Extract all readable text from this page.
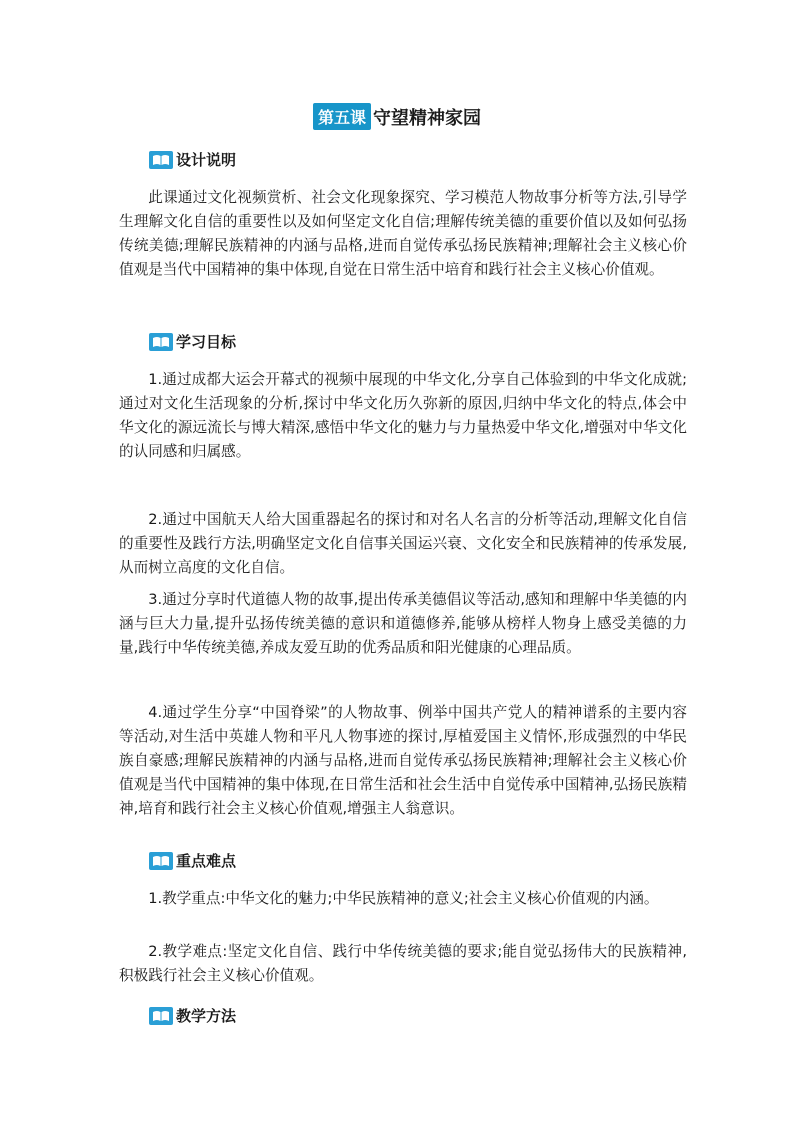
第五课 守望精神家园
设计说明

此课通过文化视频赏析、社会文化现象探究、学习模范人物故事分析等方法,引导学生理解文化自信的重要性以及如何坚定文化自信;理解传统美德的重要价值以及如何弘扬传统美德;理解民族精神的内涵与品格,进而自觉传承弘扬民族精神;理解社会主义核心价值观是当代中国精神的集中体现,自觉在日常生活中培育和践行社会主义核心价值观。

学习目标

1.通过成都大运会开幕式的视频中展现的中华文化,分享自己体验到的中华文化成就;通过对文化生活现象的分析,探讨中华文化历久弥新的原因,归纳中华文化的特点,体会中华文化的源远流长与博大精深,感悟中华文化的魅力与力量热爱中华文化,增强对中华文化的认同感和归属感。

2.通过中国航天人给大国重器起名的探讨和对名人名言的分析等活动,理解文化自信的重要性及践行方法,明确坚定文化自信事关国运兴衰、文化安全和民族精神的传承发展,从而树立高度的文化自信。

3.通过分享时代道德人物的故事,提出传承美德倡议等活动,感知和理解中华美德的内涵与巨大力量,提升弘扬传统美德的意识和道德修养,能够从榜样人物身上感受美德的力量,践行中华传统美德,养成友爱互助的优秀品质和阳光健康的心理品质。

4.通过学生分享“中国脊梁”的人物故事、例举中国共产党人的精神谱系的主要内容等活动,对生活中英雄人物和平凡人物事迹的探讨,厚植爱国主义情怀,形成强烈的中华民族自豪感;理解民族精神的内涵与品格,进而自觉传承弘扬民族精神;理解社会主义核心价值观是当代中国精神的集中体现,在日常生活和社会生活中自觉传承中国精神,弘扬民族精神,培育和践行社会主义核心价值观,增强主人翁意识。

重点难点

1.教学重点:中华文化的魅力;中华民族精神的意义;社会主义核心价值观的内涵。

2.教学难点:坚定文化自信、践行中华传统美德的要求;能自觉弘扬伟大的民族精神,积极践行社会主义核心价值观。

教学方法
